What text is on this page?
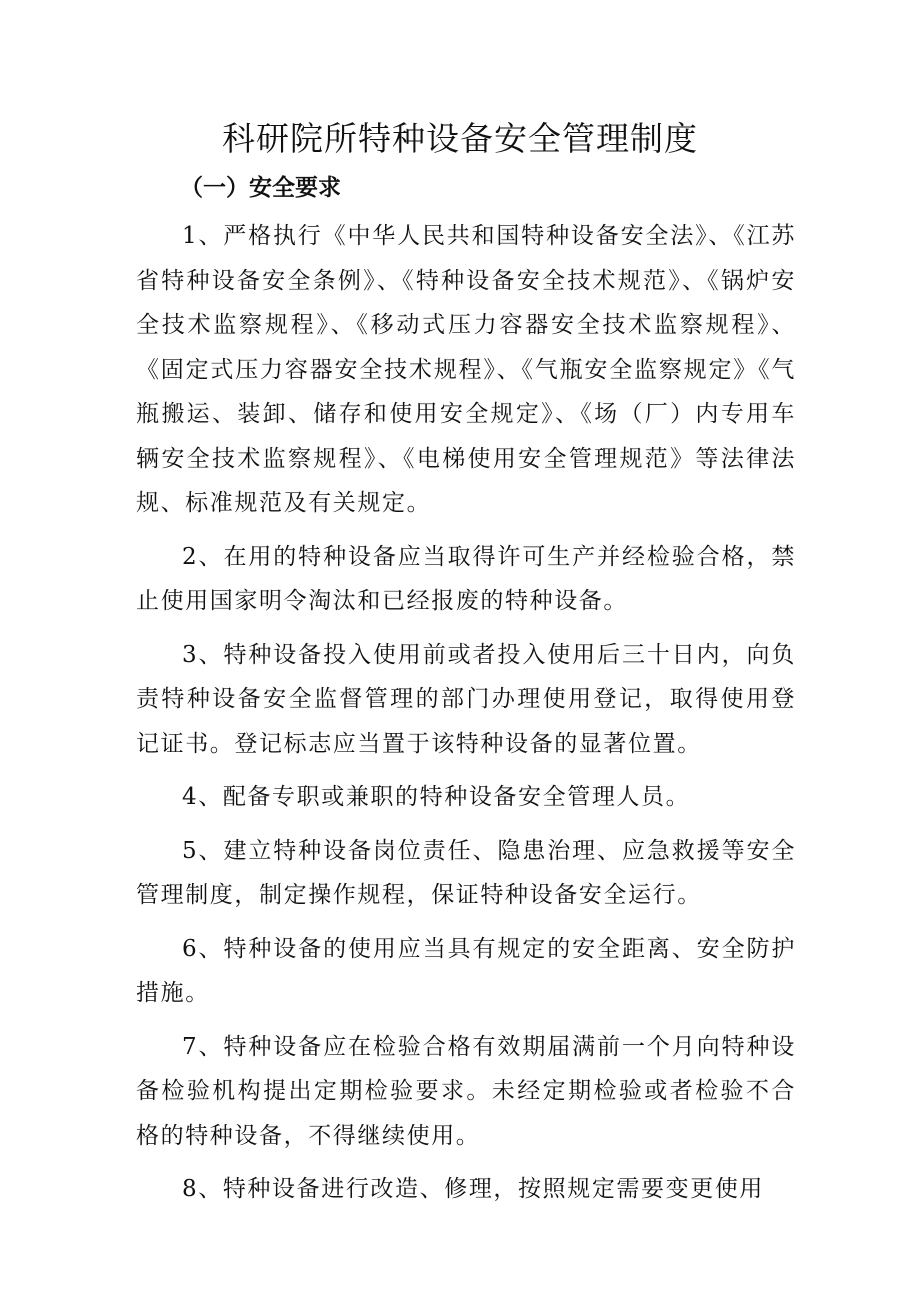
科研院所特种设备安全管理制度
（一）安全要求

1、严格执行《中华人民共和国特种设备安全法》、《江苏省特种设备安全条例》、《特种设备安全技术规范》、《锅炉安全技术监察规程》、《移动式压力容器安全技术监察规程》、《固定式压力容器安全技术规程》、《气瓶安全监察规定》《气瓶搬运、装卸、储存和使用安全规定》、《场（厂）内专用车辆安全技术监察规程》、《电梯使用安全管理规范》等法律法规、标准规范及有关规定。

2、在用的特种设备应当取得许可生产并经检验合格，禁止使用国家明令淘汰和已经报废的特种设备。

3、特种设备投入使用前或者投入使用后三十日内，向负责特种设备安全监督管理的部门办理使用登记，取得使用登记证书。登记标志应当置于该特种设备的显著位置。

4、配备专职或兼职的特种设备安全管理人员。

5、建立特种设备岗位责任、隐患治理、应急救援等安全管理制度，制定操作规程，保证特种设备安全运行。

6、特种设备的使用应当具有规定的安全距离、安全防护措施。

7、特种设备应在检验合格有效期届满前一个月向特种设备检验机构提出定期检验要求。未经定期检验或者检验不合格的特种设备，不得继续使用。

8、特种设备进行改造、修理，按照规定需要变更使用
